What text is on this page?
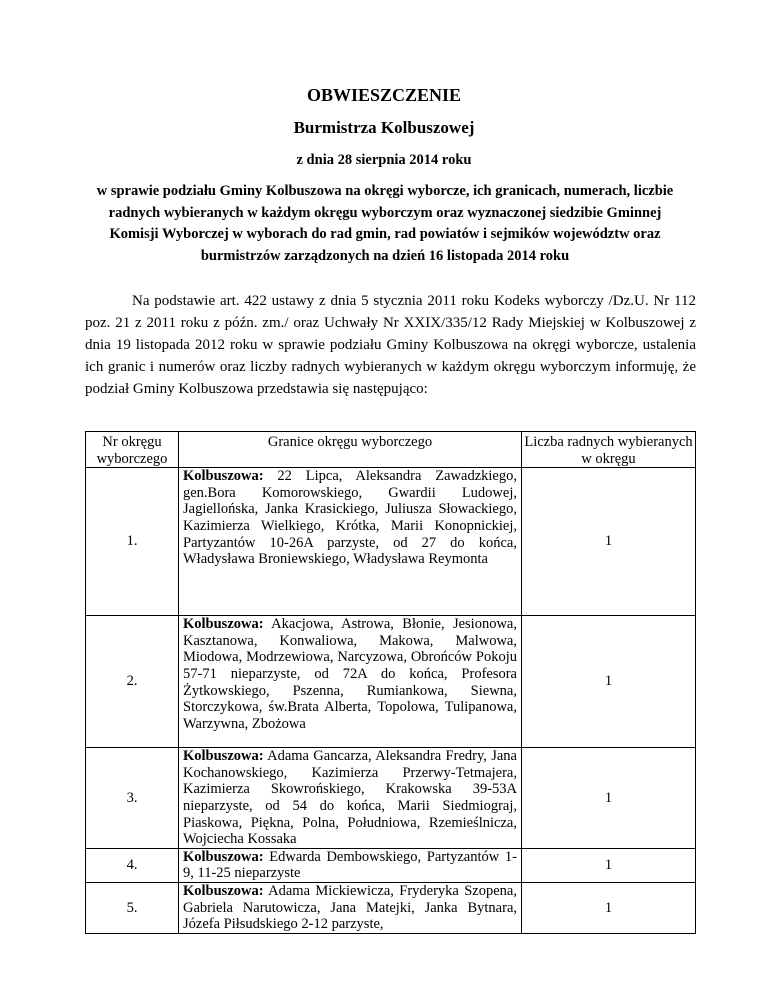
OBWIESZCZENIE
Burmistrza Kolbuszowej
z dnia 28 sierpnia 2014 roku
w sprawie podziału Gminy Kolbuszowa na okręgi wyborcze, ich granicach, numerach, liczbie radnych wybieranych w każdym okręgu wyborczym oraz wyznaczonej siedzibie Gminnej Komisji Wyborczej w wyborach do rad gmin, rad powiatów i sejmików województw oraz burmistrzów zarządzonych na dzień 16 listopada 2014 roku
Na podstawie art. 422 ustawy z dnia 5 stycznia 2011 roku Kodeks wyborczy /Dz.U. Nr 112 poz. 21 z 2011 roku z późn. zm./ oraz Uchwały Nr XXIX/335/12 Rady Miejskiej w Kolbuszowej z dnia 19 listopada 2012 roku w sprawie podziału Gminy Kolbuszowa na okręgi wyborcze, ustalenia ich granic i numerów oraz liczby radnych wybieranych w każdym okręgu wyborczym informuję, że podział Gminy Kolbuszowa przedstawia się następująco:
Nr okręgu wyborczego	Granice okręgu wyborczego	Liczba radnych wybieranych w okręgu
1.	Kolbuszowa: 22 Lipca, Aleksandra Zawadzkiego, gen.Bora Komorowskiego, Gwardii Ludowej, Jagiellońska, Janka Krasickiego, Juliusza Słowackiego, Kazimierza Wielkiego, Krótka, Marii Konopnickiej, Partyzantów 10-26A parzyste, od 27 do końca, Władysława Broniewskiego, Władysława Reymonta	1
2.	Kolbuszowa: Akacjowa, Astrowa, Błonie, Jesionowa, Kasztanowa, Konwaliowa, Makowa, Malwowa, Miodowa, Modrzewiowa, Narcyzowa, Obrońców Pokoju 57-71 nieparzyste, od 72A do końca, Profesora Żytkowskiego, Pszenna, Rumiankowa, Siewna, Storczykowa, św.Brata Alberta, Topolowa, Tulipanowa, Warzywna, Zbożowa	1
3.	Kolbuszowa: Adama Gancarza, Aleksandra Fredry, Jana Kochanowskiego, Kazimierza Przerwy-Tetmajera, Kazimierza Skowrońskiego, Krakowska 39-53A nieparzyste, od 54 do końca, Marii Siedmiograj, Piaskowa, Piękna, Polna, Południowa, Rzemieślnicza, Wojciecha Kossaka	1
4.	Kolbuszowa: Edwarda Dembowskiego, Partyzantów 1-9, 11-25 nieparzyste	1
5.	Kolbuszowa: Adama Mickiewicza, Fryderyka Szopena, Gabriela Narutowicza, Jana Matejki, Janka Bytnara, Józefa Piłsudskiego 2-12 parzyste,	1
